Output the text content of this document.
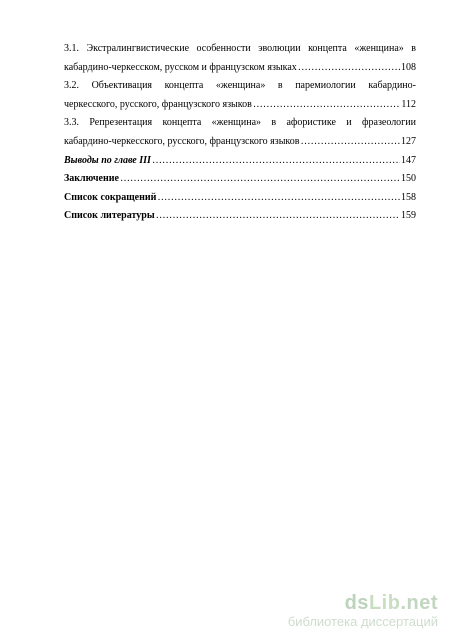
3.1. Экстралингвистические особенности эволюции концепта «женщина» в
кабардино-черкесском, русском и французском языках ………………………………………………………………………………………………………………………………………………	108
3.2. Объективация концепта «женщина» в паремиологии кабардино-
черкесского, русского, французского языков ………………………………………………………………………………………………………………………………………………	112
3.3. Репрезентация концепта «женщина» в афористике и фразеологии
кабардино-черкесского, русского, французского языков ………………………………………………………………………………………………………………………………………………	127
Выводы по главе III ………………………………………………………………………………………………………………………………………………	147
Заключение ………………………………………………………………………………………………………………………………………………	150
Список сокращений ………………………………………………………………………………………………………………………………………………	158
Список литературы ………………………………………………………………………………………………………………………………………………	159
dsLib.net
библиотека диссертаций
